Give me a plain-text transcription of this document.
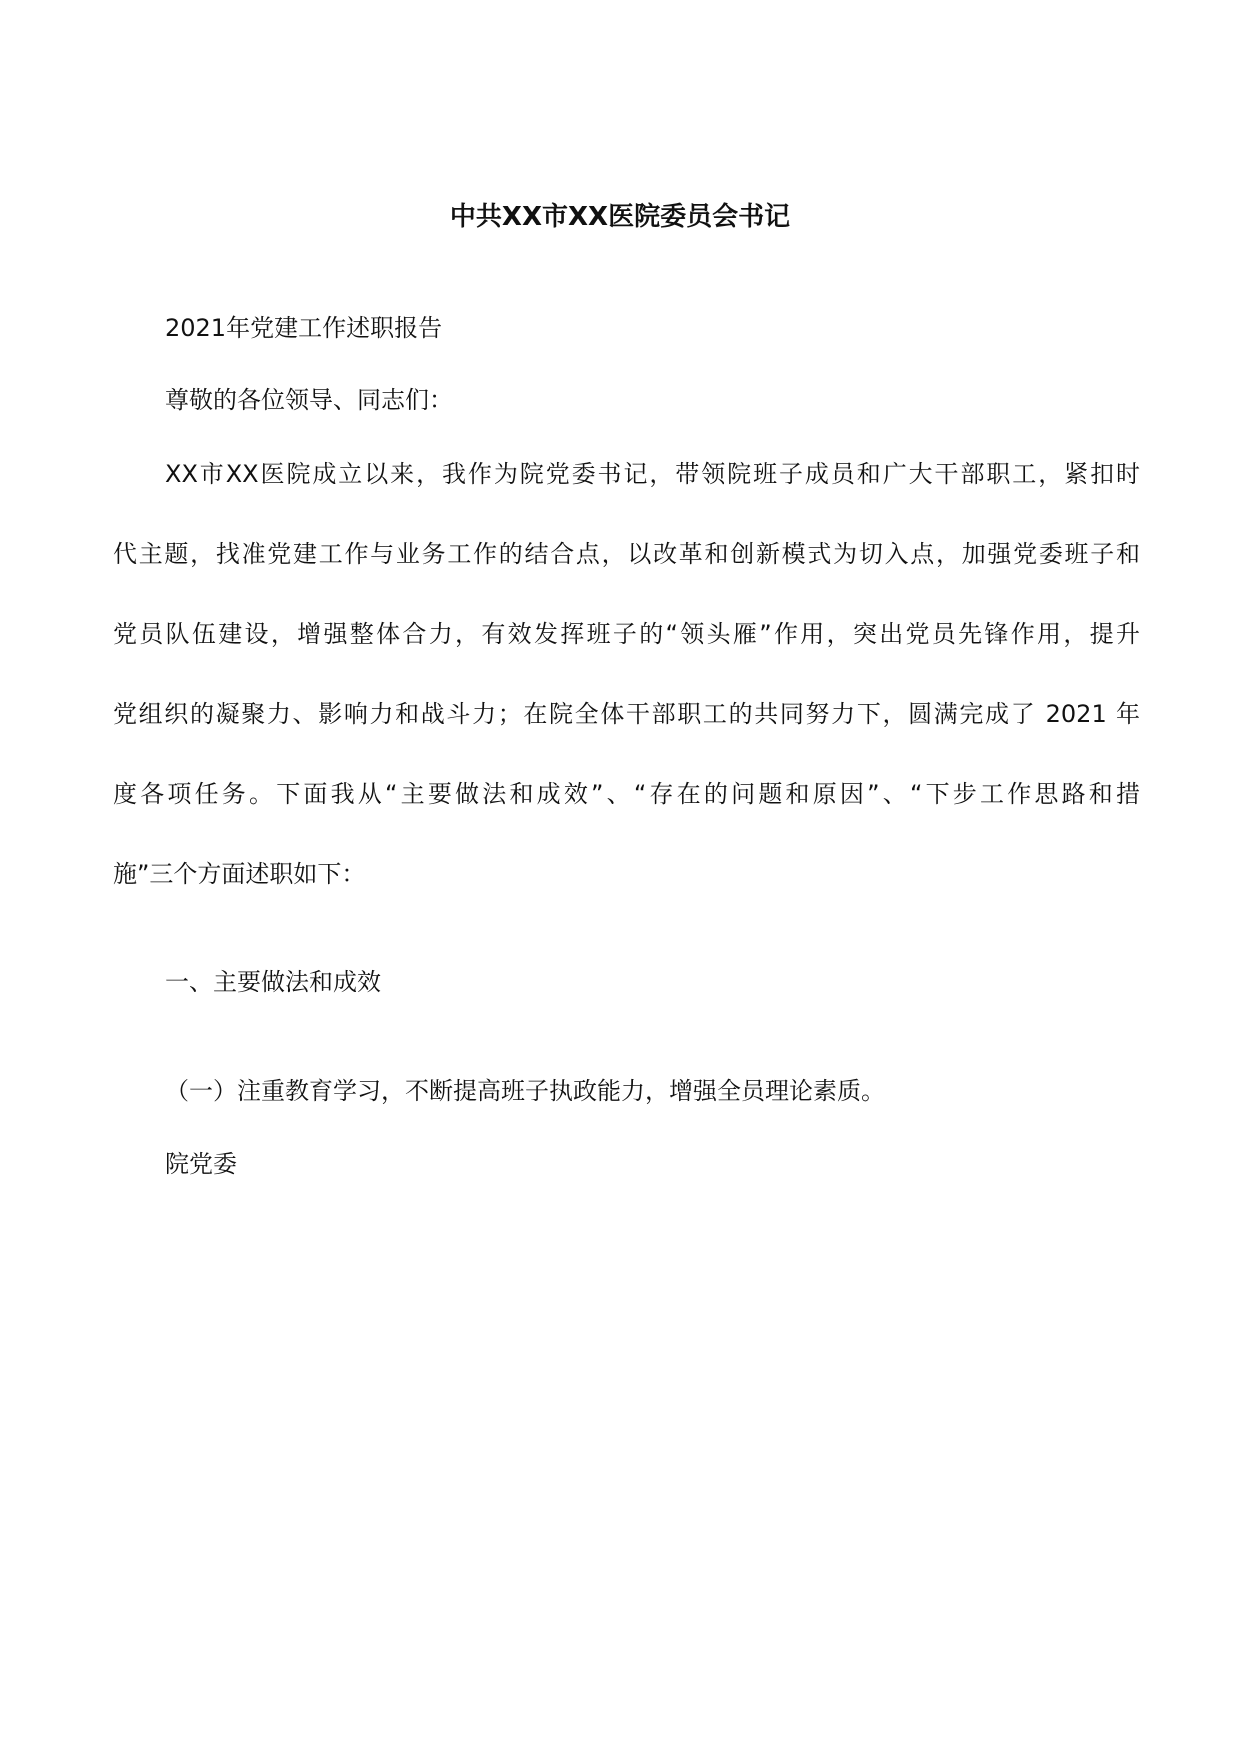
中共XX市XX医院委员会书记

2021年党建工作述职报告

尊敬的各位领导、同志们：

XX市XX医院成立以来，我作为院党委书记，带领院班子成员和广大干部职工，紧扣时
代主题，找准党建工作与业务工作的结合点，以改革和创新模式为切入点，加强党委班子和
党员队伍建设，增强整体合力，有效发挥班子的“领头雁”作用，突出党员先锋作用，提升
党组织的凝聚力、影响力和战斗力；在院全体干部职工的共同努力下，圆满完成了 2021 年
度各项任务。下面我从“主要做法和成效”、“存在的问题和原因”、“下步工作思路和措
施”三个方面述职如下：

一、主要做法和成效

（一）注重教育学习，不断提高班子执政能力，增强全员理论素质。

院党委
